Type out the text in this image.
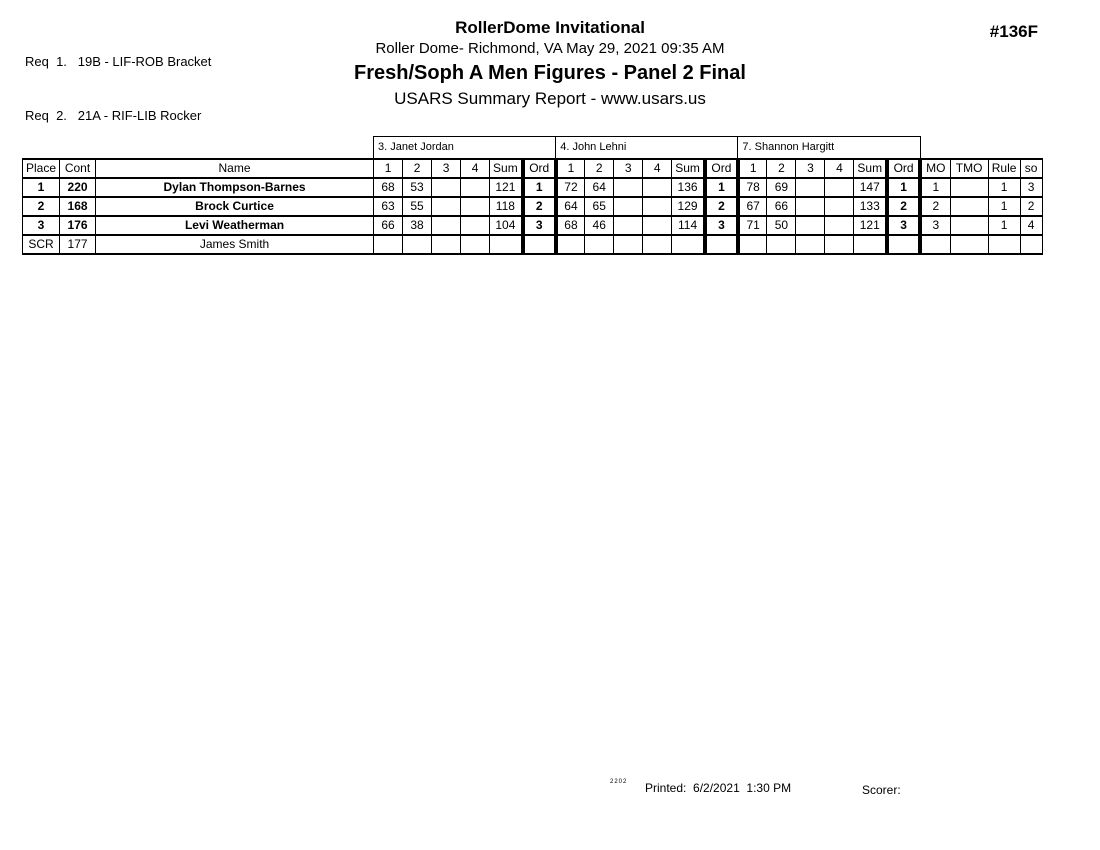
Req  1.   19B - LIF-ROB Bracket

Req  2.   21A - RIF-LIB Rocker

RollerDome Invitational
Roller Dome- Richmond, VA May 29, 2021 09:35 AM
Fresh/Soph A Men Figures - Panel 2 Final
USARS Summary Report - www.usars.us
#136F
			3. Janet Jordan						4. John Lehni						7. Shannon Hargitt									
Place	Cont	Name	1	2	3	4	Sum	Ord	1	2	3	4	Sum	Ord	1	2	3	4	Sum	Ord	MO	TMO	Rule	so
1	220	Dylan Thompson-Barnes	68	53			121	1	72	64			136	1	78	69			147	1	1		1	3
2	168	Brock Curtice	63	55			118	2	64	65			129	2	67	66			133	2	2		1	2
3	176	Levi Weatherman	66	38			104	3	68	46			114	3	71	50			121	3	3		1	4
SCR	177	James Smith																						
2202 Printed: 6/2/2021  1:30 PM	Scorer:
